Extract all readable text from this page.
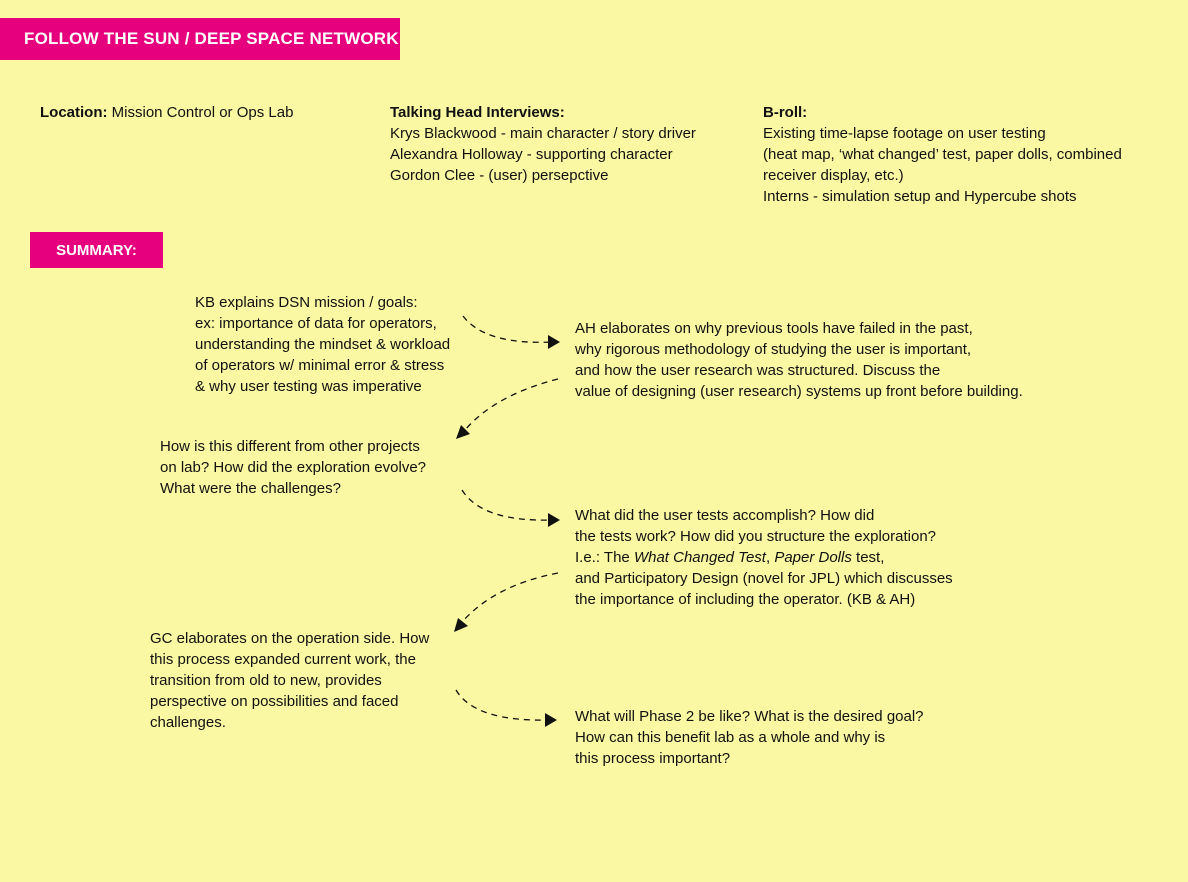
FOLLOW THE SUN / DEEP SPACE NETWORK
Location: Mission Control or Ops Lab	Talking Head Interviews:
Krys Blackwood - main character / story driver
Alexandra Holloway - supporting character
Gordon Clee - (user) persepctive
B-roll:
Existing time-lapse footage on user testing
(heat map, ‘what changed’ test, paper dolls, combined
receiver display, etc.)
Interns - simulation setup and Hypercube shots
SUMMARY:
KB explains DSN mission / goals:
ex: importance of data for operators,
understanding the mindset & workload
of operators w/ minimal error & stress
& why user testing was imperative
AH elaborates on why previous tools have failed in the past,
why rigorous methodology of studying the user is important,
and how the user research was structured. Discuss the
value of designing (user research) systems up front before building.
How is this different from other projects
on lab? How did the exploration evolve?
What were the challenges?
What did the user tests accomplish? How did
the tests work? How did you structure the exploration?
I.e.: The What Changed Test, Paper Dolls test,
and Participatory Design (novel for JPL) which discusses
the importance of including the operator. (KB & AH)
GC elaborates on the operation side. How
this process expanded current work, the
transition from old to new, provides
perspective on possibilities and faced
challenges.	What will Phase 2 be like? What is the desired goal?
How can this benefit lab as a whole and why is
this process important?
